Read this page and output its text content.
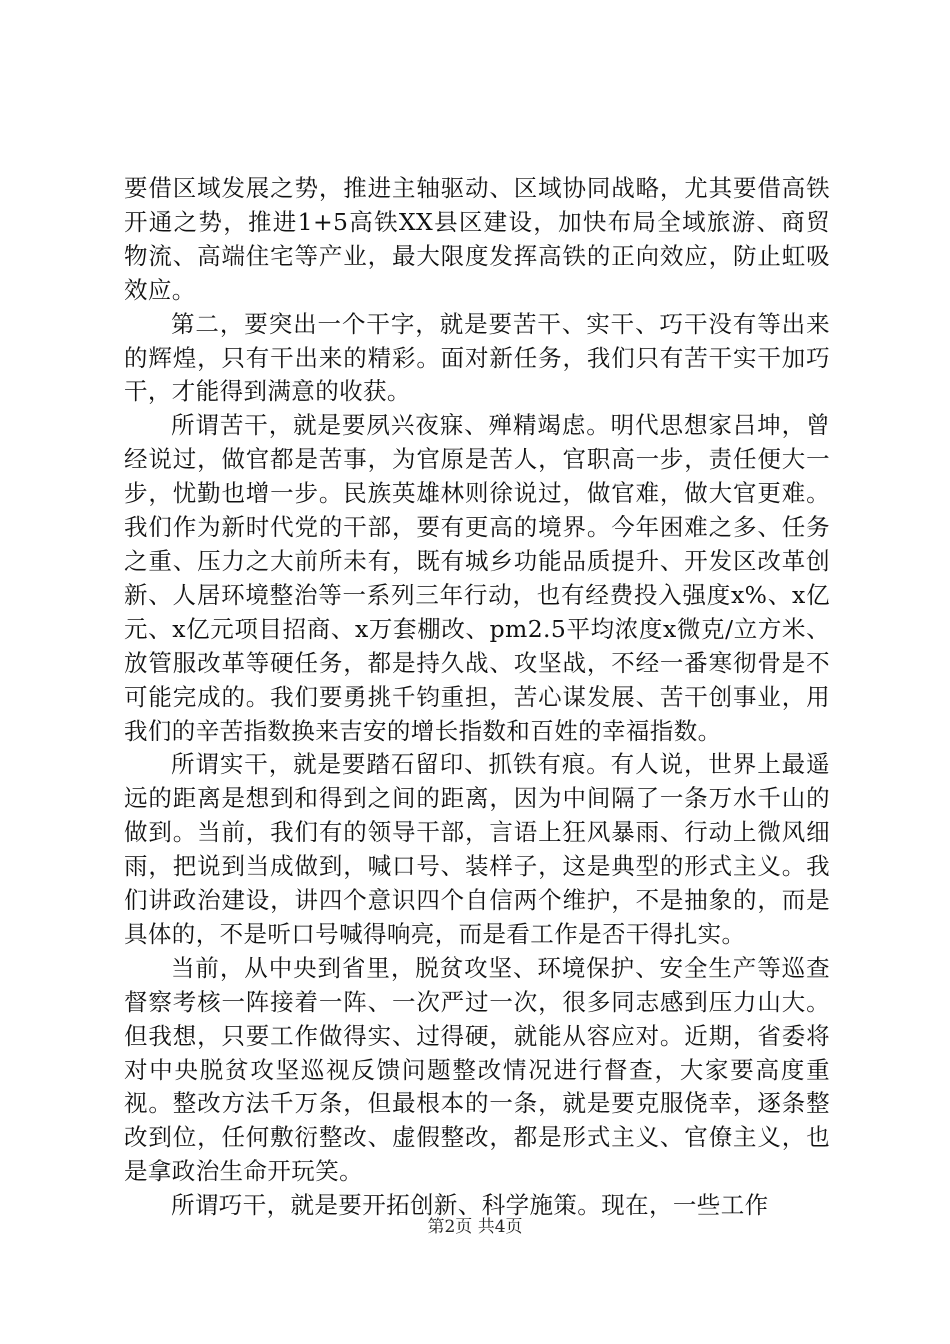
要借区域发展之势，推进主轴驱动、区域协同战略，尤其要借高铁开通之势，推进1+5高铁XX县区建设，加快布局全域旅游、商贸物流、高端住宅等产业，最大限度发挥高铁的正向效应，防止虹吸效应。

第二，要突出一个干字，就是要苦干、实干、巧干没有等出来的辉煌，只有干出来的精彩。面对新任务，我们只有苦干实干加巧干，才能得到满意的收获。

所谓苦干，就是要夙兴夜寐、殚精竭虑。明代思想家吕坤，曾经说过，做官都是苦事，为官原是苦人，官职高一步，责任便大一步，忧勤也增一步。民族英雄林则徐说过，做官难，做大官更难。我们作为新时代党的干部，要有更高的境界。今年困难之多、任务之重、压力之大前所未有，既有城乡功能品质提升、开发区改革创新、人居环境整治等一系列三年行动，也有经费投入强度x%、x亿元、x亿元项目招商、x万套棚改、pm2.5平均浓度x微克/立方米、放管服改革等硬任务，都是持久战、攻坚战，不经一番寒彻骨是不可能完成的。我们要勇挑千钧重担，苦心谋发展、苦干创事业，用我们的辛苦指数换来吉安的增长指数和百姓的幸福指数。

所谓实干，就是要踏石留印、抓铁有痕。有人说，世界上最遥远的距离是想到和得到之间的距离，因为中间隔了一条万水千山的做到。当前，我们有的领导干部，言语上狂风暴雨、行动上微风细雨，把说到当成做到，喊口号、装样子，这是典型的形式主义。我们讲政治建设，讲四个意识四个自信两个维护，不是抽象的，而是具体的，不是听口号喊得响亮，而是看工作是否干得扎实。

当前，从中央到省里，脱贫攻坚、环境保护、安全生产等巡查督察考核一阵接着一阵、一次严过一次，很多同志感到压力山大。但我想，只要工作做得实、过得硬，就能从容应对。近期，省委将对中央脱贫攻坚巡视反馈问题整改情况进行督查，大家要高度重视。整改方法千万条，但最根本的一条，就是要克服侥幸，逐条整改到位，任何敷衍整改、虚假整改，都是形式主义、官僚主义，也是拿政治生命开玩笑。

所谓巧干，就是要开拓创新、科学施策。现在，一些工作

第2页 共4页
